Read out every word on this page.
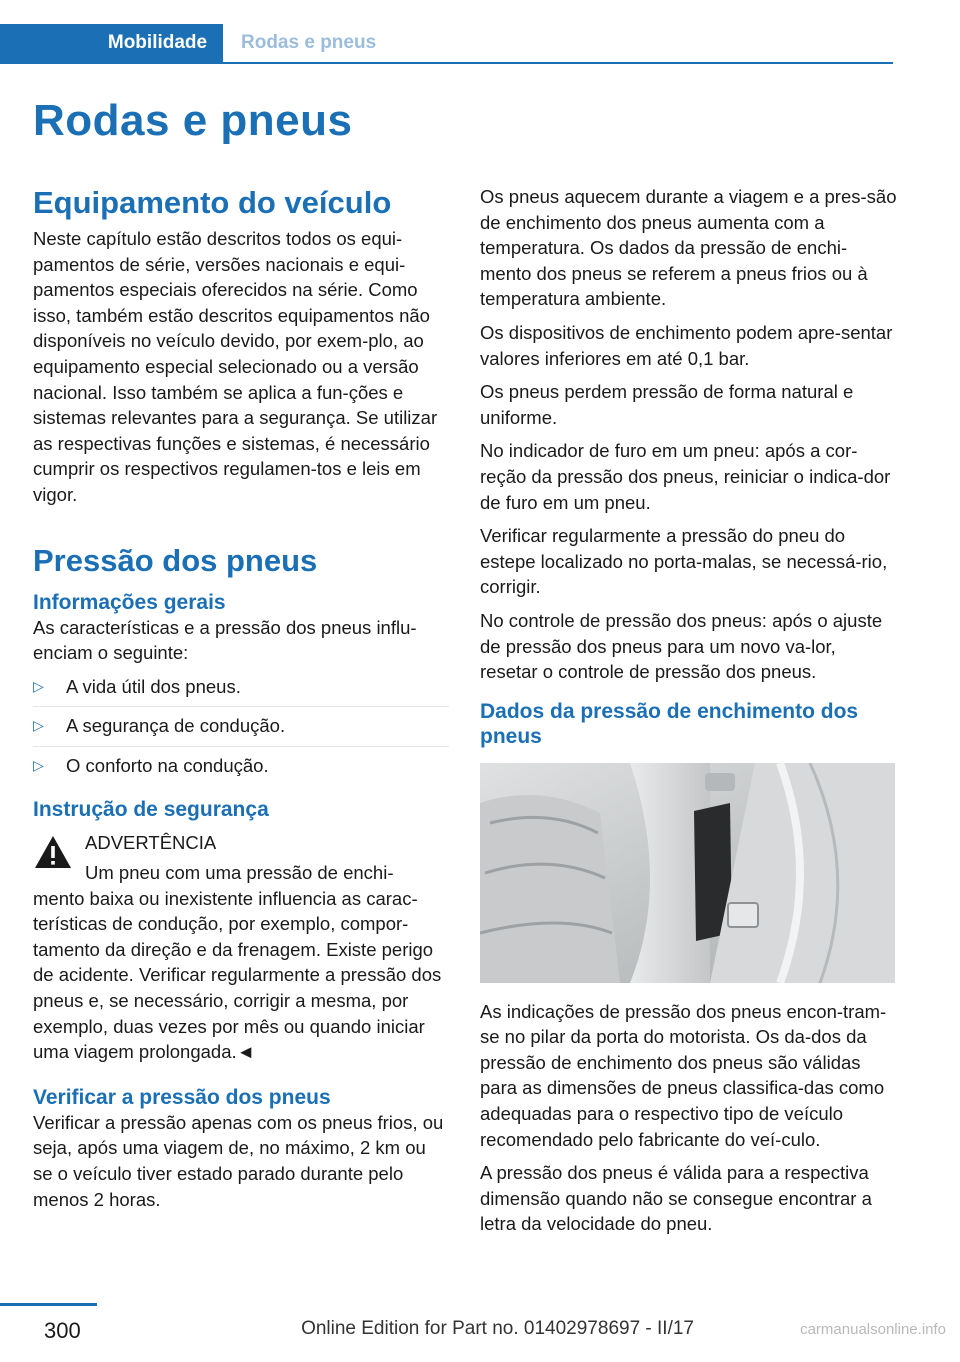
Mobilidade	Rodas e pneus
Rodas e pneus
Equipamento do veículo

Neste capítulo estão descritos todos os equi-pamentos de série, versões nacionais e equi-pamentos especiais oferecidos na série. Como isso, também estão descritos equipamentos não disponíveis no veículo devido, por exem-plo, ao equipamento especial selecionado ou a versão nacional. Isso também se aplica a fun-ções e sistemas relevantes para a segurança. Se utilizar as respectivas funções e sistemas, é necessário cumprir os respectivos regulamen-tos e leis em vigor.

Pressão dos pneus
Informações gerais

As características e a pressão dos pneus influ-enciam o seguinte:

▷	A vida útil dos pneus.
▷	A segurança de condução.
▷	O conforto na condução.
Instrução de segurança

ADVERTÊNCIA

Um pneu com uma pressão de enchi-

mento baixa ou inexistente influencia as carac-terísticas de condução, por exemplo, compor-tamento da direção e da frenagem. Existe perigo de acidente. Verificar regularmente a pressão dos pneus e, se necessário, corrigir a mesma, por exemplo, duas vezes por mês ou quando iniciar uma viagem prolongada.◄

Verificar a pressão dos pneus

Verificar a pressão apenas com os pneus frios, ou seja, após uma viagem de, no máximo, 2 km ou se o veículo tiver estado parado durante pelo menos 2 horas.

Os pneus aquecem durante a viagem e a pres-são de enchimento dos pneus aumenta com a temperatura. Os dados da pressão de enchi-mento dos pneus se referem a pneus frios ou à temperatura ambiente.

Os dispositivos de enchimento podem apre-sentar valores inferiores em até 0,1 bar.

Os pneus perdem pressão de forma natural e uniforme.

No indicador de furo em um pneu: após a cor-reção da pressão dos pneus, reiniciar o indica-dor de furo em um pneu.

Verificar regularmente a pressão do pneu do estepe localizado no porta-malas, se necessá-rio, corrigir.

No controle de pressão dos pneus: após o ajuste de pressão dos pneus para um novo va-lor, resetar o controle de pressão dos pneus.

Dados da pressão de enchimento dos pneus

As indicações de pressão dos pneus encon-tram-se no pilar da porta do motorista. Os da-dos da pressão de enchimento dos pneus são válidas para as dimensões de pneus classifica-das como adequadas para o respectivo tipo de veículo recomendado pelo fabricante do veí-culo.

A pressão dos pneus é válida para a respectiva dimensão quando não se consegue encontrar a letra da velocidade do pneu.

300	Online Edition for Part no. 01402978697 - II/17	carmanualsonline.info
